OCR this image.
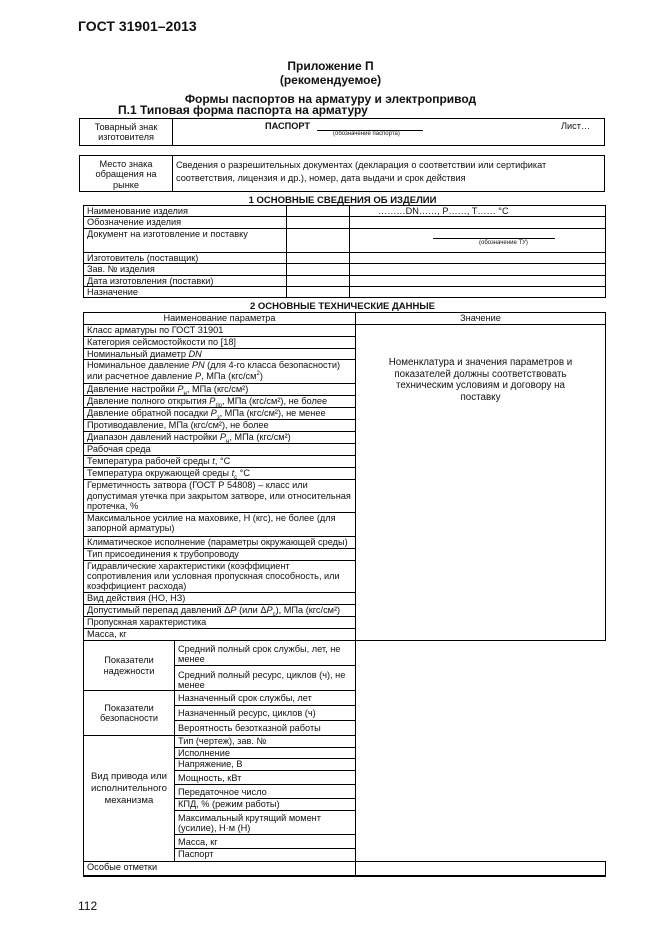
ГОСТ 31901–2013
Приложение П
(рекомендуемое)
Формы паспортов на арматуру и электропривод
П.1 Типовая форма паспорта на арматуру
Товарный знак изготовителя	
ПАСПОРТ
(обозначение паспорта)
Лист…
Место знака обращения на рынке	Сведения о разрешительных документах (декларация о соответствии или сертификат соответствия, лицензия и др.), номер, дата выдачи и срок действия
1 ОСНОВНЫЕ СВЕДЕНИЯ ОБ ИЗДЕЛИИ
Наименование изделия		………DN……, P……, T…… °C
Обозначение изделия		
Документ на изготовление и поставку		(обозначение ТУ)

Изготовитель (поставщик)		
Зав. № изделия		
Дата изготовления (поставки)		
Назначение		
2 ОСНОВНЫЕ ТЕХНИЧЕСКИЕ ДАННЫЕ
Наименование параметра		Значение
Класс арматуры по ГОСТ 31901		Номенклатура и значения параметров и показателей должны соответствовать техническим условиям и договору на поставку
Категория сейсмостойкости по [18]		
Номинальный диаметр DN		
Номинальное давление PN (для 4-го класса безопасности) или расчетное давление P, МПа $(кгс/см^2)$		
Давление настройки $P_н$, МПа (кгс/см²)		
Давление полного открытия $P_{по}$, МПа (кгс/см²), не более		
Давление обратной посадки $P_з$, МПа (кгс/см²), не менее		
Противодавление, МПа (кгс/см²), не более		
Диапазон давлений настройки $P_н$, МПа (кгс/см²)		
Рабочая среда		
Температура рабочей среды t, °C		
Температура окружающей среды $t_c$ °C		
Герметичность затвора (ГОСТ Р 54808) – класс или допустимая утечка при закрытом затворе, или относительная протечка, %		
Максимальное усилие на маховике, Н (кгс), не более (для запорной арматуры)		
Климатическое исполнение (параметры окружающей среды)		
Тип присоединения к трубопроводу		
Гидравлические характеристики (коэффициент сопротивления или условная пропускная способность, или коэффициент расхода)		
Вид действия (НО, НЗ)		
Допустимый перепад давлений ΔP (или $\Delta P_c$), МПа (кгс/см²)		
Пропускная характеристика		
Масса, кг		
Показатели надежности	Средний полный срок службы, лет, не менее	
	Средний полный ресурс, циклов (ч), не менее	
Показатели безопасности	Назначенный срок службы, лет	
	Назначенный ресурс, циклов (ч)	
	Вероятность безотказной работы	
Вид привода или исполнительного механизма	Тип (чертеж), зав. №	
	Исполнение	
	Напряжение, В	
	Мощность, кВт	
	Передаточное число	
	КПД, % (режим работы)	
	Максимальный крутящий момент (усилие), Н·м (Н)	
	Масса, кг	
	Паспорт	
Особые отметки		
112
